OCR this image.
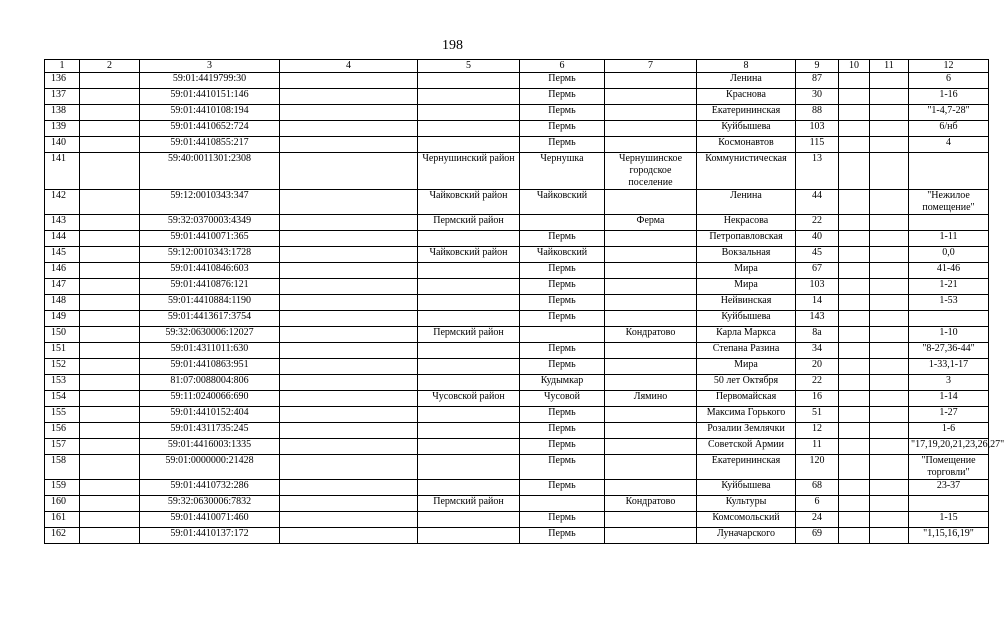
198
1	2	3	4	5	6	7	8	9	10	11	12
136		59:01:4419799:30			Пермь		Ленина	87			6
137		59:01:4410151:146			Пермь		Краснова	30			1-16
138		59:01:4410108:194			Пермь		Екатерининская	88			"1-4,7-28"
139		59:01:4410652:724			Пермь		Куйбышева	103			6/нб
140		59:01:4410855:217			Пермь		Космонавтов	115			4
141		59:40:0011301:2308		Чернушинский район	Чернушка	Чернушинское городское поселение	Коммунистическая	13			
142		59:12:0010343:347		Чайковский район	Чайковский		Ленина	44			"Нежилое помещение"
143		59:32:0370003:4349		Пермский район		Ферма	Некрасова	22			
144		59:01:4410071:365			Пермь		Петропавловская	40			1-11
145		59:12:0010343:1728		Чайковский район	Чайковский		Вокзальная	45			0,0
146		59:01:4410846:603			Пермь		Мира	67			41-46
147		59:01:4410876:121			Пермь		Мира	103			1-21
148		59:01:4410884:1190			Пермь		Нейвинская	14			1-53
149		59:01:4413617:3754			Пермь		Куйбышева	143			
150		59:32:0630006:12027		Пермский район		Кондратово	Карла Маркса	8а			1-10
151		59:01:4311011:630			Пермь		Степана Разина	34			"8-27,36-44"
152		59:01:4410863:951			Пермь		Мира	20			1-33,1-17
153		81:07:0088004:806			Кудымкар		50 лет Октября	22			3
154		59:11:0240066:690		Чусовской район	Чусовой	Лямино	Первомайская	16			1-14
155		59:01:4410152:404			Пермь		Максима Горького	51			1-27
156		59:01:4311735:245			Пермь		Розалии Землячки	12			1-6
157		59:01:4416003:1335			Пермь		Советской Армии	11			"17,19,20,21,23,26,27"
158		59:01:0000000:21428			Пермь		Екатерининская	120			"Помещение торговли"
159		59:01:4410732:286			Пермь		Куйбышева	68			23-37
160		59:32:0630006:7832		Пермский район		Кондратово	Культуры	6			
161		59:01:4410071:460			Пермь		Комсомольский	24			1-15
162		59:01:4410137:172			Пермь		Луначарского	69			"1,15,16,19"
